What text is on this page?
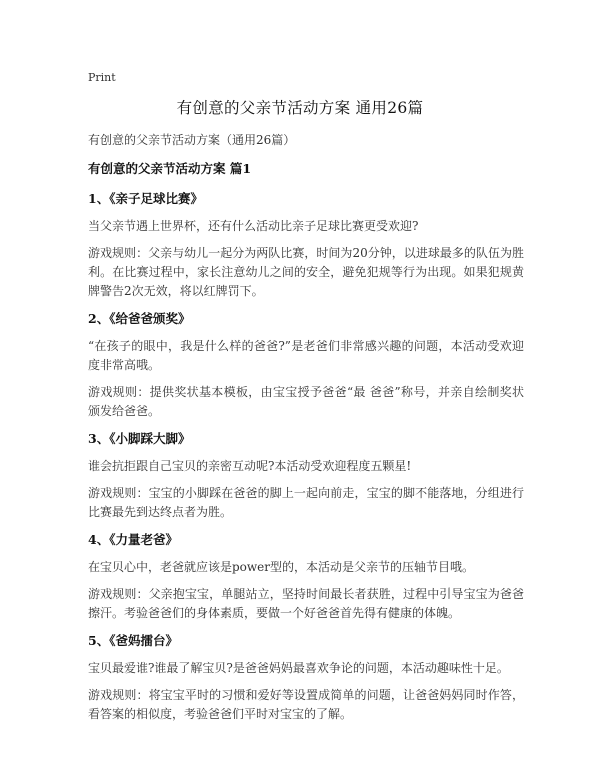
Print
有创意的父亲节活动方案 通用26篇

有创意的父亲节活动方案（通用26篇）

有创意的父亲节活动方案 篇1

1、《亲子足球比赛》

当父亲节遇上世界杯，还有什么活动比亲子足球比赛更受欢迎?

游戏规则：父亲与幼儿一起分为两队比赛，时间为20分钟，以进球最多的队伍为胜利。在比赛过程中，家长注意幼儿之间的安全，避免犯规等行为出现。如果犯规黄牌警告2次无效，将以红牌罚下。

2、《给爸爸颁奖》

“在孩子的眼中，我是什么样的爸爸?”是老爸们非常感兴趣的问题，本活动受欢迎度非常高哦。

游戏规则：提供奖状基本模板，由宝宝授予爸爸“最 爸爸”称号，并亲自绘制奖状颁发给爸爸。

3、《小脚踩大脚》

谁会抗拒跟自己宝贝的亲密互动呢?本活动受欢迎程度五颗星!

游戏规则：宝宝的小脚踩在爸爸的脚上一起向前走，宝宝的脚不能落地，分组进行比赛最先到达终点者为胜。

4、《力量老爸》

在宝贝心中，老爸就应该是power型的，本活动是父亲节的压轴节目哦。

游戏规则：父亲抱宝宝，单腿站立，坚持时间最长者获胜，过程中引导宝宝为爸爸擦汗。考验爸爸们的身体素质，要做一个好爸爸首先得有健康的体魄。

5、《爸妈擂台》

宝贝最爱谁?谁最了解宝贝?是爸爸妈妈最喜欢争论的问题，本活动趣味性十足。

游戏规则：将宝宝平时的习惯和爱好等设置成简单的问题，让爸爸妈妈同时作答，看答案的相似度，考验爸爸们平时对宝宝的了解。
